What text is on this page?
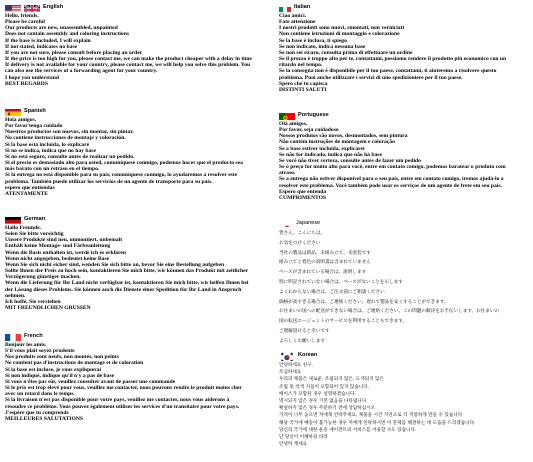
English
Hello, friends.
Please be careful
Our products are new, unassembled, unpainted
Does not contain assembly and coloring instructions
If the base is included, I will explain
If not stated, indicates no base
If you are not sure, please consult before placing an order
If the price is too high for you, please contact me, we can make the product cheaper with a delay in time
If delivery is not available for your country, please contact me, we will help you solve this problem. You
can also use the services of a forwarding agent for your country.
I hope you understand
BEST REGARDS
Spanish
Hola amigos.
Por favor tenga cuidado
Nuestros productos son nuevos, sin montar, sin pintar.
No contiene instrucciones de montaje y coloración.
Si la base está incluida, lo explicaré
Si no se indica, indica que no hay base
Si no está seguro, consulte antes de realizar un pedido.
Si el precio es demasiado alto para usted, comuníquese conmigo, podemos hacer que el producto sea
más barato con un retraso en el tiempo.
Si la entrega no está disponible para su país, comuníquese conmigo, lo ayudaremos a resolver este
problema. También puede utilizar los servicios de un agente de transporte para su país.
espero que entiendas
ATENTAMENTE
German
Hallo Freunde.
Seien Sie bitte vorsichtig
Unsere Produkte sind neu, unmontiert, unbemalt
Enthält keine Montage- und Färbeanleitung
Wenn die Basis enthalten ist, werde ich es erklären
Wenn nicht angegeben, bedeutet keine Base
Wenn Sie sich nicht sicher sind, wenden Sie sich bitte an, bevor Sie eine Bestellung aufgeben
Sollte Ihnen der Preis zu hoch sein, kontaktieren Sie mich bitte, wir können das Produkt mit zeitlicher
Verzögerung günstiger machen.
Wenn die Lieferung für Ihr Land nicht verfügbar ist, kontaktieren Sie mich bitte, wir helfen Ihnen bei
der Lösung dieses Problems. Sie können auch die Dienste einer Spedition für Ihr Land in Anspruch
nehmen.
Ich hoffe, Sie verstehen
MIT FREUNDLICHEN GRÜSSEN
French
Bonjour les amis.
S'il vous plaît soyez prudente
Nos produits sont neufs, non montés, non peints
Ne contient pas d'instructions de montage et de coloration
Si la base est incluse, je vous expliquerai
Si non indiqué, indique qu'il n'y a pas de base
Si vous n'êtes pas sûr, veuillez consulter avant de passer une commande
Si le prix est trop élevé pour vous, veuillez me contacter, nous pouvons rendre le produit moins cher
avec un retard dans le temps.
Si la livraison n'est pas disponible pour votre pays, veuillez me contacter, nous vous aiderons à
résoudre ce problème. Vous pouvez également utiliser les services d'un transitaire pour votre pays.
J'espère que tu comprends
MEILLEURES SALUTATIONS
Italian
Ciao amici.
Fate attenzione
I nostri prodotti sono nuovi, smontati, non verniciati
Non contiene istruzioni di montaggio e colorazione
Se la base è inclusa, ti spiego
Se non indicato, indica nessuna base
Se non sei sicuro, consulta prima di effettuare un ordine
Se il prezzo è troppo alto per te, contattami, possiamo rendere il prodotto più economico con un
ritardo nel tempo.
Se la consegna non è disponibile per il tuo paese, contattami, ti aiuteremo a risolvere questo
problema. Puoi anche utilizzare i servizi di uno spedizioniere per il tuo paese.
Spero che tu capisca
DISTINTI SALUTI
Portuguese
Olá amigos.
Por favor, seja cuidadoso
Nossos produtos são novos, desmontados, sem pintura
Não contém instruções de montagem e coloração
Se a base estiver incluída, explicarei
Se não for indicado, indica que não há base
Se você não tiver certeza, consulte antes de fazer um pedido
Se o preço for muito alto para você, entre em contato comigo, podemos baratear o produto com
atraso.
Se a entrega não estiver disponível para o seu país, entre em contato comigo, iremos ajudá-lo a
resolver este problema. Você também pode usar os serviços de um agente de frete em seu país.
Espero que entenda
CUMPRIMENTOS
Japanese
皆さん、こんにちは。
お気をつけください
当社の製品は新品、未組み立て、未塗装です
組み立てと着色の説明書は含まれていません
ベースが含まれている場合は、説明します
特に明記されていない場合は、ベースがないことを示します
よくわからない場合は、ご注文前にご相談ください
価格が高すぎる場合は、ご連絡ください。遅れて製品を安くすることができます。
お住まいの国への配送ができない場合は、ご連絡ください。この問題の解決をお手伝いします。お住まいの
国の転送エージェントのサービスを利用することもできます。
ご理解頂けると幸いです
よろしくお願いします
Korean
안녕하세요 친구.
조심하세요
우리의 제품은 새로운, 조립되지 않은, 도색되지 않은
조립 및 착색 지침이 포함되어 있지 않습니다.
베이스가 포함된 경우 설명하겠습니다.
명시되지 않은 경우 기본 없음을 나타냅니다.
확실하지 않은 경우 주문하기 전에 상담하십시오
가격이 너무 높으면 저에게 연락주세요, 제품을 시간 지연으로 더 저렴하게 만들 수 있습니다
해당 국가에 배송이 불가능한 경우 저에게 연락하시면 이 문제를 해결하는 데 도움을 드리겠습니다.
당신의 국가에 대한 운송 에이전트의 서비스를 이용할 수도 있습니다.
난 당신이 이해하길 바라
안녕히 계세요
